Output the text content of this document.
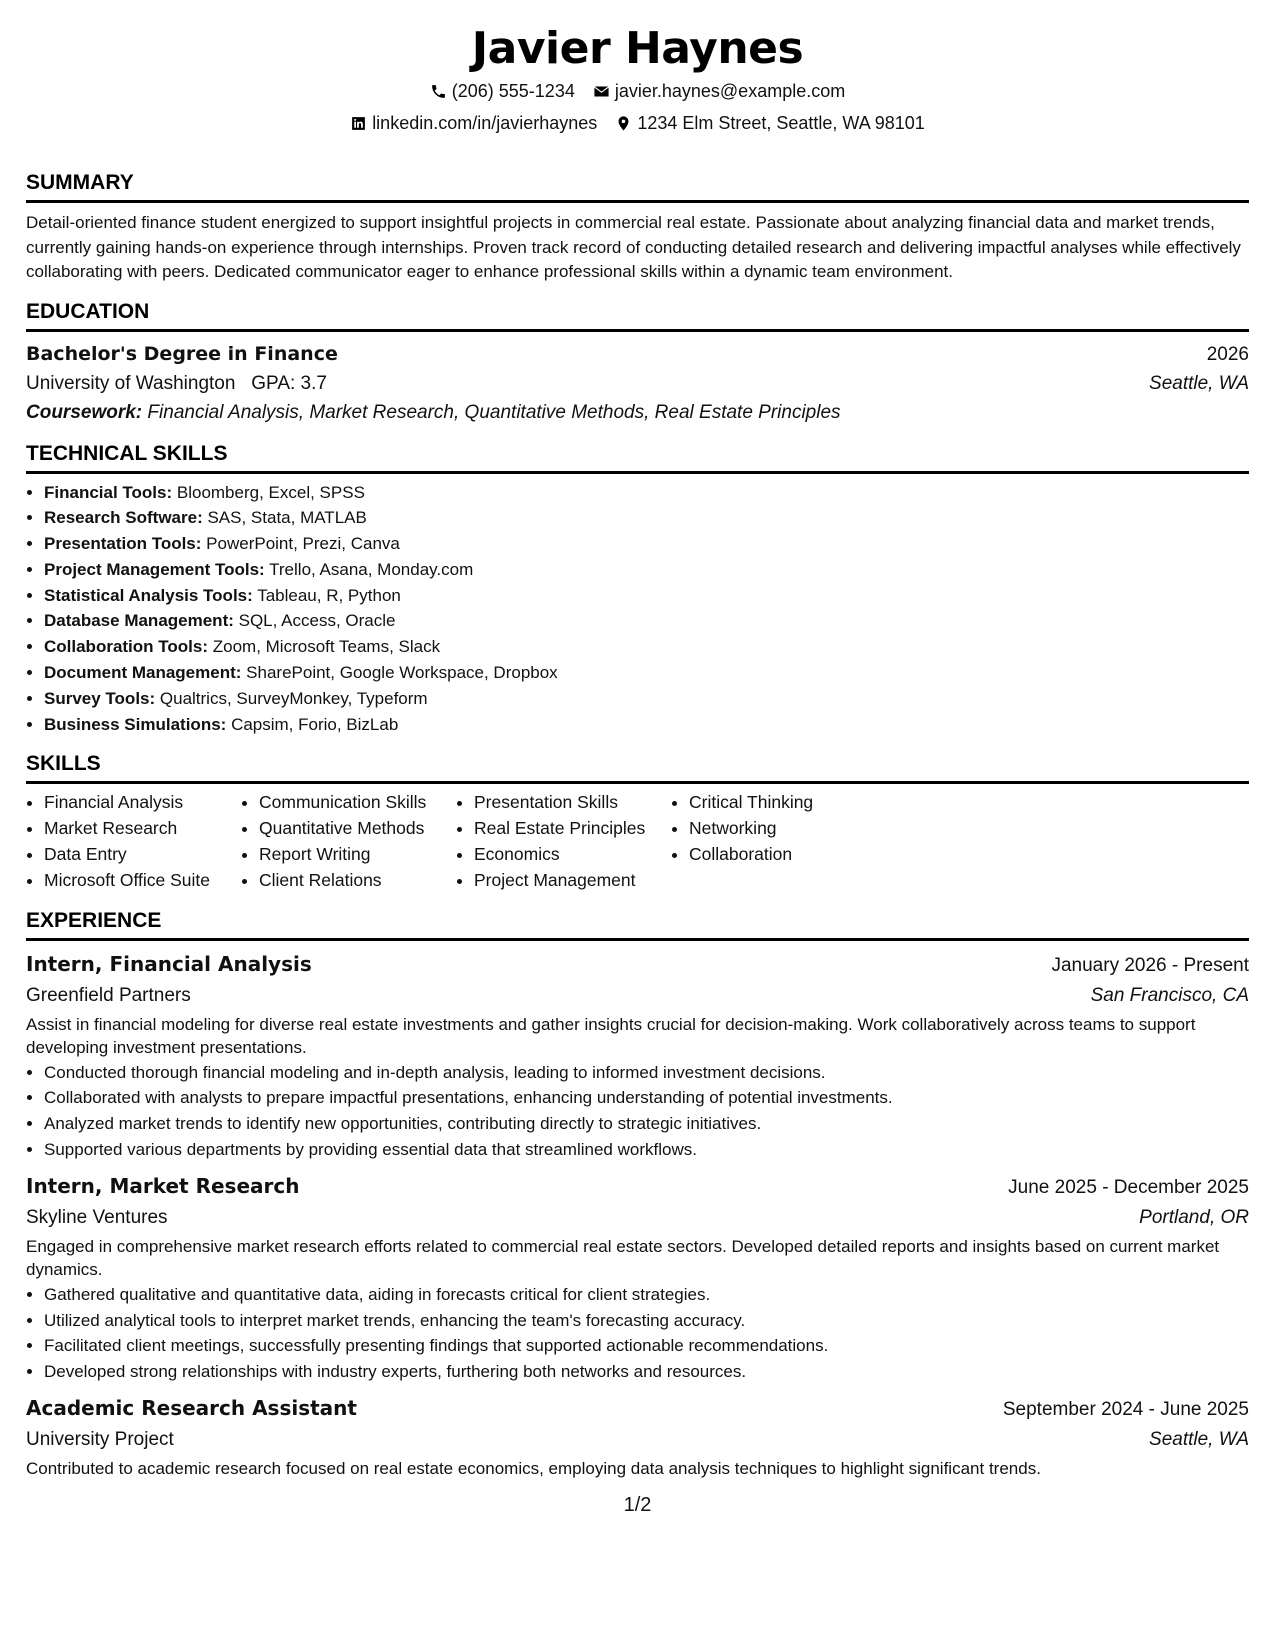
Javier Haynes
(206) 555-1234 javier.haynes@example.com
linkedin.com/in/javierhaynes 1234 Elm Street, Seattle, WA 98101
SUMMARY

Detail-oriented finance student energized to support insightful projects in commercial real estate. Passionate about analyzing financial data and market trends, currently gaining hands-on experience through internships. Proven track record of conducting detailed research and delivering impactful analyses while effectively collaborating with peers. Dedicated communicator eager to enhance professional skills within a dynamic team environment.

EDUCATION
Bachelor's Degree in Finance	2026
University of Washington GPA: 3.7	Seattle, WA
Coursework: Financial Analysis, Market Research, Quantitative Methods, Real Estate Principles
TECHNICAL SKILLS
• Financial Tools: Bloomberg, Excel, SPSS
• Research Software: SAS, Stata, MATLAB
• Presentation Tools: PowerPoint, Prezi, Canva
• Project Management Tools: Trello, Asana, Monday.com
• Statistical Analysis Tools: Tableau, R, Python
• Database Management: SQL, Access, Oracle
• Collaboration Tools: Zoom, Microsoft Teams, Slack
• Document Management: SharePoint, Google Workspace, Dropbox
• Survey Tools: Qualtrics, SurveyMonkey, Typeform
• Business Simulations: Capsim, Forio, BizLab
SKILLS
• Financial Analysis
• Market Research
• Data Entry
• Microsoft Office Suite
• Communication Skills
• Quantitative Methods
• Report Writing
• Client Relations
• Presentation Skills
• Real Estate Principles
• Economics
• Project Management
• Critical Thinking
• Networking
• Collaboration
EXPERIENCE
Intern, Financial Analysis	January 2026 - Present
Greenfield Partners	San Francisco, CA
Assist in financial modeling for diverse real estate investments and gather insights crucial for decision-making. Work collaboratively across teams to support developing investment presentations.
• Conducted thorough financial modeling and in-depth analysis, leading to informed investment decisions.
• Collaborated with analysts to prepare impactful presentations, enhancing understanding of potential investments.
• Analyzed market trends to identify new opportunities, contributing directly to strategic initiatives.
• Supported various departments by providing essential data that streamlined workflows.
Intern, Market Research	June 2025 - December 2025
Skyline Ventures	Portland, OR
Engaged in comprehensive market research efforts related to commercial real estate sectors. Developed detailed reports and insights based on current market dynamics.
• Gathered qualitative and quantitative data, aiding in forecasts critical for client strategies.
• Utilized analytical tools to interpret market trends, enhancing the team's forecasting accuracy.
• Facilitated client meetings, successfully presenting findings that supported actionable recommendations.
• Developed strong relationships with industry experts, furthering both networks and resources.
Academic Research Assistant	September 2024 - June 2025
University Project	Seattle, WA
Contributed to academic research focused on real estate economics, employing data analysis techniques to highlight significant trends.
1/2
